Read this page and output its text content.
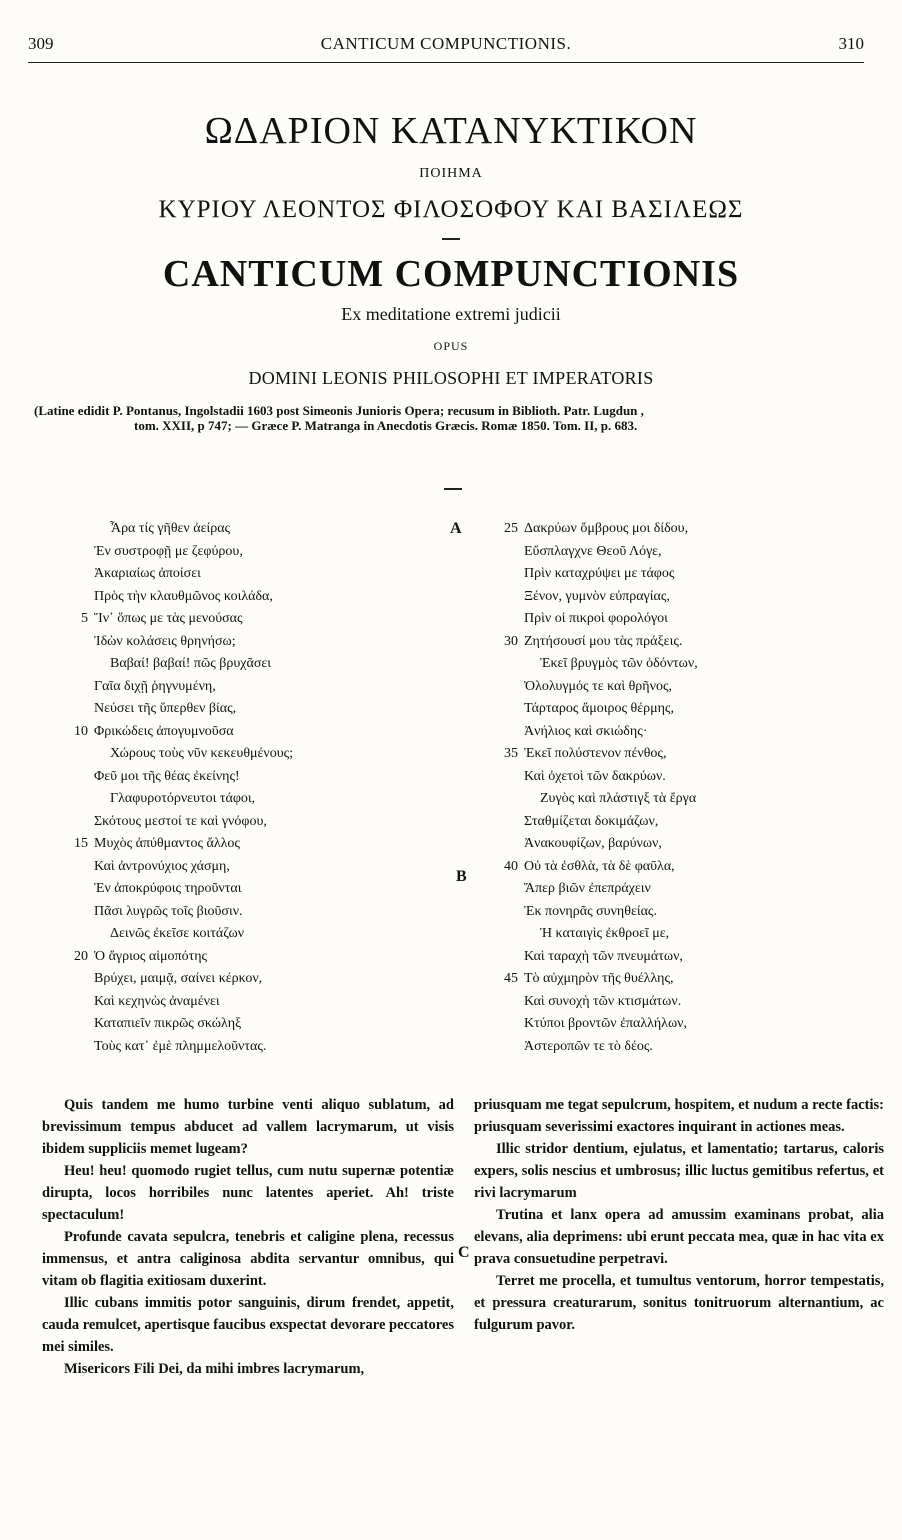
309	CANTICUM COMPUNCTIONIS.	310
ΩΔΑΡΙΟΝ ΚΑΤΑΝΥΚΤΙΚΟΝ
ΠΟΙΗΜΑ
ΚΥΡΙΟΥ ΛΕΟΝΤΟΣ ΦΙΛΟΣΟΦΟΥ ΚΑΙ ΒΑΣΙΛΕΩΣ
CANTICUM COMPUNCTIONIS
Ex meditatione extremi judicii
OPUS
DOMINI LEONIS PHILOSOPHI ET IMPERATORIS
(Latine edidit P. Pontanus, Ingolstadii 1603 post Simeonis Junioris Opera; recusum in Biblioth. Patr. Lugdun ,
tom. XXII, p 747; — Græce P. Matranga in Anecdotis Græcis. Romæ 1850. Tom. II, p. 683.
Ἆρα τίς γῆθεν ἀείρας
Ἐν συστροφῇ με ζεφύρου,
Ἀκαριαίως ἀποίσει
Πρὸς τὴν κλαυθμῶνος κοιλάδα,
5 Ἵν᾽ ὅπως με τὰς μενούσας
Ἰδὼν κολάσεις θρηνήσω;
Βαβαί! βαβαί! πῶς βρυχᾶσει
Γαῖα διχῇ ῥηγνυμένη,
Νεύσει τῆς ὕπερθεν βίας,
10 Φρικώδεις ἀπογυμνοῦσα
Χώρους τοὺς νῦν κεκευθμένους;
Φεῦ μοι τῆς θέας ἐκείνης!
Γλαφυροτόρνευτοι τάφοι,
Σκότους μεστοί τε καὶ γνόφου,
15 Μυχὸς ἀπύθμαντος ἄλλος
Καὶ ἀντρονύχιος χάσμη,
Ἐν ἀποκρύφοις τηροῦνται
Πᾶσι λυγρῶς τοῖς βιοῦσιν.
Δεινῶς ἐκεῖσε κοιτάζων
20 Ὁ ἄγριος αἱμοπότης
Βρύχει, μαιμᾷ, σαίνει κέρκον,
Καὶ κεχηνὼς ἀναμένει
Καταπιεῖν πικρῶς σκώληξ
Τοὺς κατ᾽ ἐμὲ πλημμελοῦντας.
25 Δακρύων ὄμβρους μοι δίδου,
Εὔσπλαγχνε Θεοῦ Λόγε,
Πρὶν καταχρύψει με τάφος
Ξένον, γυμνὸν εὐπραγίας,
Πρὶν οἱ πικροὶ φορολόγοι
30 Ζητήσουσί μου τὰς πράξεις.
Ἐκεῖ βρυγμὸς τῶν ὀδόντων,
Ὀλολυγμός τε καὶ θρῆνος,
Τάρταρος ἄμοιρος θέρμης,
Ἀνήλιος καὶ σκιώδης·
35 Ἐκεῖ πολύστενον πένθος,
Καὶ ὀχετοὶ τῶν δακρύων.
Ζυγὸς καὶ πλάστιγξ τὰ ἔργα
Σταθμίζεται δοκιμάζων,
Ἀνακουφίζων, βαρύνων,
40 Οὐ τὰ ἐσθλὰ, τὰ δὲ φαῦλα,
Ἅπερ βιῶν ἐπεπράχειν
Ἐκ πονηρᾶς συνηθείας.
Ἡ καταιγὶς ἐκθροεῖ με,
Καὶ ταραχὴ τῶν πνευμάτων,
45 Τὸ αὐχμηρὸν τῆς θυέλλης,
Καὶ συνοχὴ τῶν κτισμάτων.
Κτύποι βροντῶν ἐπαλλήλων,
Ἀστεροπῶν τε τὸ δέος.
A
B
C

Quis tandem me humo turbine venti aliquo sublatum, ad brevissimum tempus abducet ad vallem lacrymarum, ut visis ibidem suppliciis memet lugeam?

Heu! heu! quomodo rugiet tellus, cum nutu supernæ potentiæ dirupta, locos horribiles nunc latentes aperiet. Ah! triste spectaculum!

Profunde cavata sepulcra, tenebris et caligine plena, recessus immensus, et antra caliginosa abdita servantur omnibus, qui vitam ob flagitia exitiosam duxerint.

Illic cubans immitis potor sanguinis, dirum frendet, appetit, cauda remulcet, apertisque faucibus exspectat devorare peccatores mei similes.

Misericors Fili Dei, da mihi imbres lacrymarum,

priusquam me tegat sepulcrum, hospitem, et nudum a recte factis: priusquam severissimi exactores inquirant in actiones meas.

Illic stridor dentium, ejulatus, et lamentatio; tartarus, caloris expers, solis nescius et umbrosus; illic luctus gemitibus refertus, et rivi lacrymarum

Trutina et lanx opera ad amussim examinans probat, alia elevans, alia deprimens: ubi erunt peccata mea, quæ in hac vita ex prava consuetudine perpetravi.

Terret me procella, et tumultus ventorum, horror tempestatis, et pressura creaturarum, sonitus tonitruorum alternantium, ac fulgurum pavor.
